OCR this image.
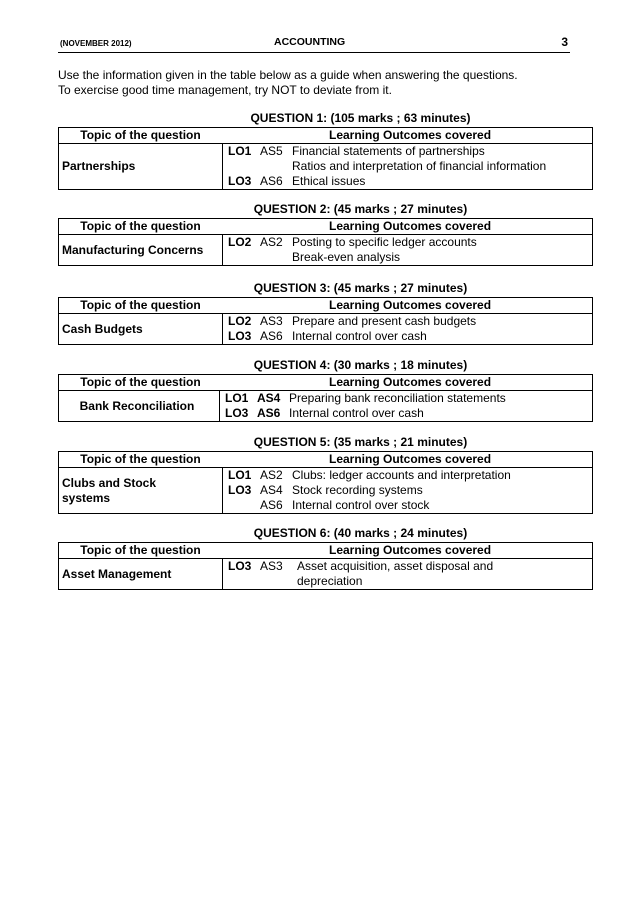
(NOVEMBER 2012)	ACCOUNTING	3
Use the information given in the table below as a guide when answering the questions.
To exercise good time management, try NOT to deviate from it.
QUESTION 1: (105 marks ; 63 minutes)
Topic of the question	Learning Outcomes covered
Partnerships
LO1 AS5 Financial statements of partnerships
Ratios and interpretation of financial information
LO3 AS6 Ethical issues
QUESTION 2: (45 marks ; 27 minutes)
Topic of the question	Learning Outcomes covered
Manufacturing Concerns
LO2 AS2 Posting to specific ledger accounts
Break-even analysis
QUESTION 3: (45 marks ; 27 minutes)
Topic of the question	Learning Outcomes covered
Cash Budgets
LO2 AS3 Prepare and present cash budgets
LO3 AS6 Internal control over cash
QUESTION 4: (30 marks ; 18 minutes)
Topic of the question	Learning Outcomes covered
Bank Reconciliation
LO1 AS4 Preparing bank reconciliation statements
LO3 AS6 Internal control over cash
QUESTION 5: (35 marks ; 21 minutes)
Topic of the question	Learning Outcomes covered
Clubs and Stock
systems
LO1 AS2 Clubs: ledger accounts and interpretation
LO3 AS4 Stock recording systems
AS6 Internal control over stock
QUESTION 6: (40 marks ; 24 minutes)
Topic of the question	Learning Outcomes covered
Asset Management
LO3 AS3	Asset acquisition, asset disposal and
depreciation
